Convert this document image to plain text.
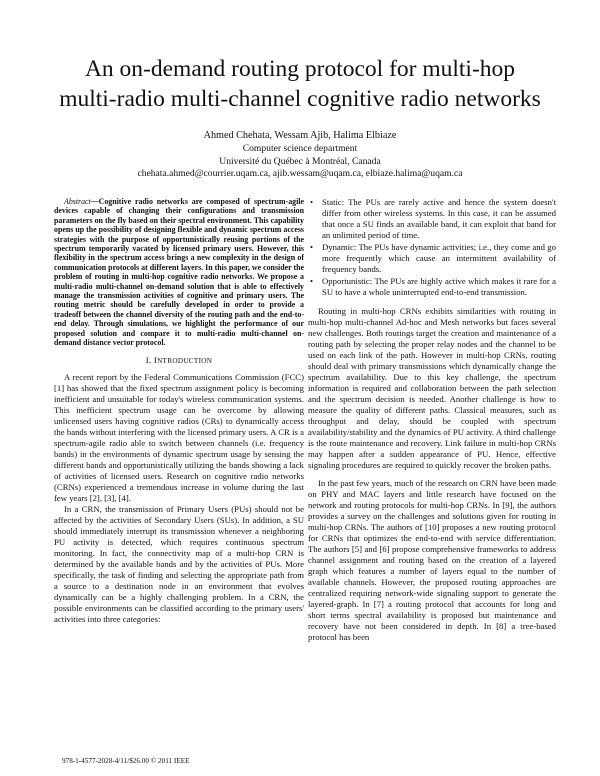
An on-demand routing protocol for multi-hop
multi-radio multi-channel cognitive radio networks
Ahmed Chehata, Wessam Ajib, Halima Elbiaze
Computer science department
Université du Québec à Montréal, Canada
chehata.ahmed@courrier.uqam.ca, ajib.wessam@uqam.ca, elbiaze.halima@uqam.ca

Abstract—Cognitive radio networks are composed of spectrum-agile devices capable of changing their configurations and transmission parameters on the fly based on their spectral environment. This capability opens up the possibility of designing flexible and dynamic spectrum access strategies with the purpose of opportunistically reusing portions of the spectrum temporarily vacated by licensed primary users. However, this flexibility in the spectrum access brings a new complexity in the design of communication protocols at different layers. In this paper, we consider the problem of routing in multi-hop cognitive radio networks. We propose a multi-radio multi-channel on-demand solution that is able to effectively manage the transmission activities of cognitive and primary users. The routing metric should be carefully developed in order to provide a tradeoff between the channel diversity of the routing path and the end-to-end delay. Through simulations, we highlight the performance of our proposed solution and compare it to multi-radio multi-channel on-demand distance vector protocol.

I. INTRODUCTION

A recent report by the Federal Communications Commission (FCC) [1] has showed that the fixed spectrum assignment policy is becoming inefficient and unsuitable for today's wireless communication systems. This inefficient spectrum usage can be overcome by allowing unlicensed users having cognitive radios (CRs) to dynamically access the bands without interfering with the licensed primary users. A CR is a spectrum-agile radio able to switch between channels (i.e. frequency bands) in the environments of dynamic spectrum usage by sensing the different bands and opportunistically utilizing the bands showing a lack of activities of licensed users. Research on cognitive radio networks (CRNs) experienced a tremendous increase in volume during the last few years [2], [3], [4].

In a CRN, the transmission of Primary Users (PUs) should not be affected by the activities of Secondary Users (SUs). In addition, a SU should immediately interrupt its transmission whenever a neighboring PU activity is detected, which requires continuous spectrum monitoring. In fact, the connectivity map of a multi-hop CRN is determined by the available bands and by the activities of PUs. More specifically, the task of finding and selecting the appropriate path from a source to a destination node in an environment that evolves dynamically can be a highly challenging problem. In a CRN, the possible environments can be classified according to the primary users' activities into three categories:

• Static: The PUs are rarely active and hence the system doesn't differ from other wireless systems. In this case, it can be assumed that once a SU finds an available band, it can exploit that band for an unlimited period of time.
• Dynamic: The PUs have dynamic activities; i.e., they come and go more frequently which cause an intermittent availability of frequency bands.
• Opportunistic: The PUs are highly active which makes it rare for a SU to have a whole uninterrupted end-to-end transmission.

Routing in multi-hop CRNs exhibits similarities with routing in multi-hop multi-channel Ad-hoc and Mesh networks but faces several new challenges. Both routings target the creation and maintenance of a routing path by selecting the proper relay nodes and the channel to be used on each link of the path. However in multi-hop CRNs, routing should deal with primary transmissions which dynamically change the spectrum availability. Due to this key challenge, the spectrum information is required and collaboration between the path selection and the spectrum decision is needed. Another challenge is how to measure the quality of different paths. Classical measures, such as throughput and delay, should be coupled with spectrum availability/stability and the dynamics of PU activity. A third challenge is the route maintenance and recovery. Link failure in multi-hop CRNs may happen after a sudden appearance of PU. Hence, effective signaling procedures are required to quickly recover the broken paths.

In the past few years, much of the research on CRN have been made on PHY and MAC layers and little research have focused on the network and routing protocols for multi-hop CRNs. In [9], the authors provides a survey on the challenges and solutions given for routing in multi-hop CRNs. The authors of [10] proposes a new routing protocol for CRNs that optimizes the end-to-end with service differentiation. The authors [5] and [6] propose comprehensive frameworks to address channel assignment and routing based on the creation of a layered graph which features a number of layers equal to the number of available channels. However, the proposed routing approaches are centralized requiring network-wide signaling support to generate the layered-graph. In [7] a routing protocol that accounts for long and short terms spectral availability is proposed but maintenance and recovery have not been considered in depth. In [8] a tree-based protocol has been

978-1-4577-2028-4/11/$26.00 © 2011 IEEE
